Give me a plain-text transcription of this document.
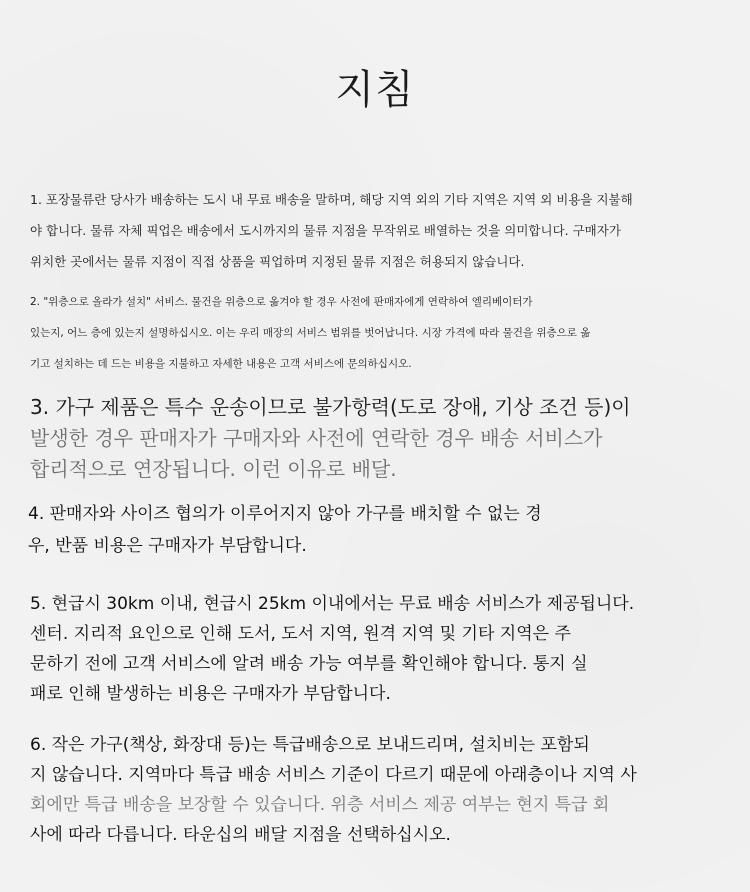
지침

1. 포장물류란 당사가 배송하는 도시 내 무료 배송을 말하며, 해당 지역 외의 기타 지역은 지역 외 비용을 지불해
야 합니다. 물류 자체 픽업은 배송에서 도시까지의 물류 지점을 무작위로 배열하는 것을 의미합니다. 구매자가
위치한 곳에서는 물류 지점이 직접 상품을 픽업하며 지정된 물류 지점은 허용되지 않습니다.

2. "위층으로 올라가 설치" 서비스. 물건을 위층으로 옮겨야 할 경우 사전에 판매자에게 연락하여 엘리베이터가
있는지, 어느 층에 있는지 설명하십시오. 이는 우리 매장의 서비스 범위를 벗어납니다. 시장 가격에 따라 물건을 위층으로 옮
기고 설치하는 데 드는 비용을 지불하고 자세한 내용은 고객 서비스에 문의하십시오.

3. 가구 제품은 특수 운송이므로 불가항력(도로 장애, 기상 조건 등)이
발생한 경우 판매자가 구매자와 사전에 연락한 경우 배송 서비스가
합리적으로 연장됩니다. 이런 이유로 배달.

4. 판매자와 사이즈 협의가 이루어지지 않아 가구를 배치할 수 없는 경
우, 반품 비용은 구매자가 부담합니다.

5. 현급시 30km 이내, 현급시 25km 이내에서는 무료 배송 서비스가 제공됩니다.
센터. 지리적 요인으로 인해 도서, 도서 지역, 원격 지역 및 기타 지역은 주
문하기 전에 고객 서비스에 알려 배송 가능 여부를 확인해야 합니다. 통지 실
패로 인해 발생하는 비용은 구매자가 부담합니다.

6. 작은 가구(책상, 화장대 등)는 특급배송으로 보내드리며, 설치비는 포함되
지 않습니다. 지역마다 특급 배송 서비스 기준이 다르기 때문에 아래층이나 지역 사
회에만 특급 배송을 보장할 수 있습니다. 위층 서비스 제공 여부는 현지 특급 회
사에 따라 다릅니다. 타운십의 배달 지점을 선택하십시오.
